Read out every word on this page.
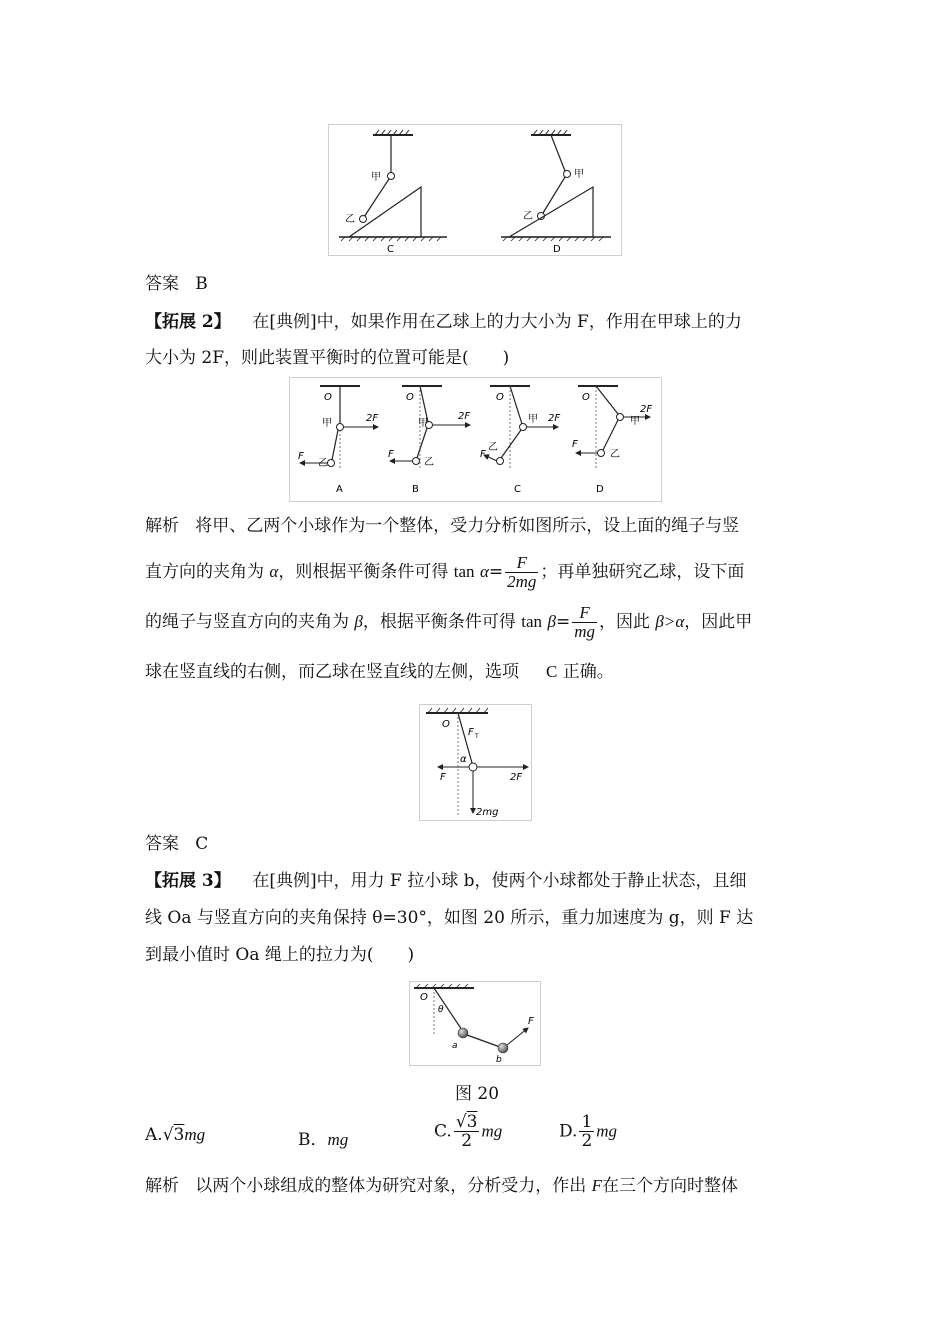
甲
乙
C
甲
乙
D
答案 B
【拓展 2】 在[典例]中，如果作用在乙球上的力大小为 F，作用在甲球上的力
大小为 2F，则此装置平衡时的位置可能是(　　)
O
甲	2F
F
乙
A
O
甲
2F
F
乙
B
O
甲 2F
F
乙
C
O
甲
2F
F
乙
D
解析 将甲、乙两个小球作为一个整体，受力分析如图所示，设上面的绳子与竖
直方向的夹角为 α，则根据平衡条件可得 $\tan \alpha= \frac{F}{2mg}$ ；再单独研究乙球，设下面
的绳子与竖直方向的夹角为 β，根据平衡条件可得 $\tan \beta= \frac{F}{mg}$ ，因此 β>α，因此甲
球在竖直线的右侧，而乙球在竖直线的左侧，选项 C 正确。
O
F T
α
F	2F
2mg
答案 C
【拓展 3】 在[典例]中，用力 F 拉小球 b，使两个小球都处于静止状态，且细
线 Oa 与竖直方向的夹角保持 θ=30°，如图 20 所示，重力加速度为 g，则 F 达
到最小值时 Oa 绳上的拉力为(　　)
O
θ
a
b
F
图 20
A.√3mg	B．mg	C. $\frac{√3}{2}$ mg	D. $\frac{1}{2}$ mg
解析 以两个小球组成的整体为研究对象，分析受力，作出 F在三个方向时整体
